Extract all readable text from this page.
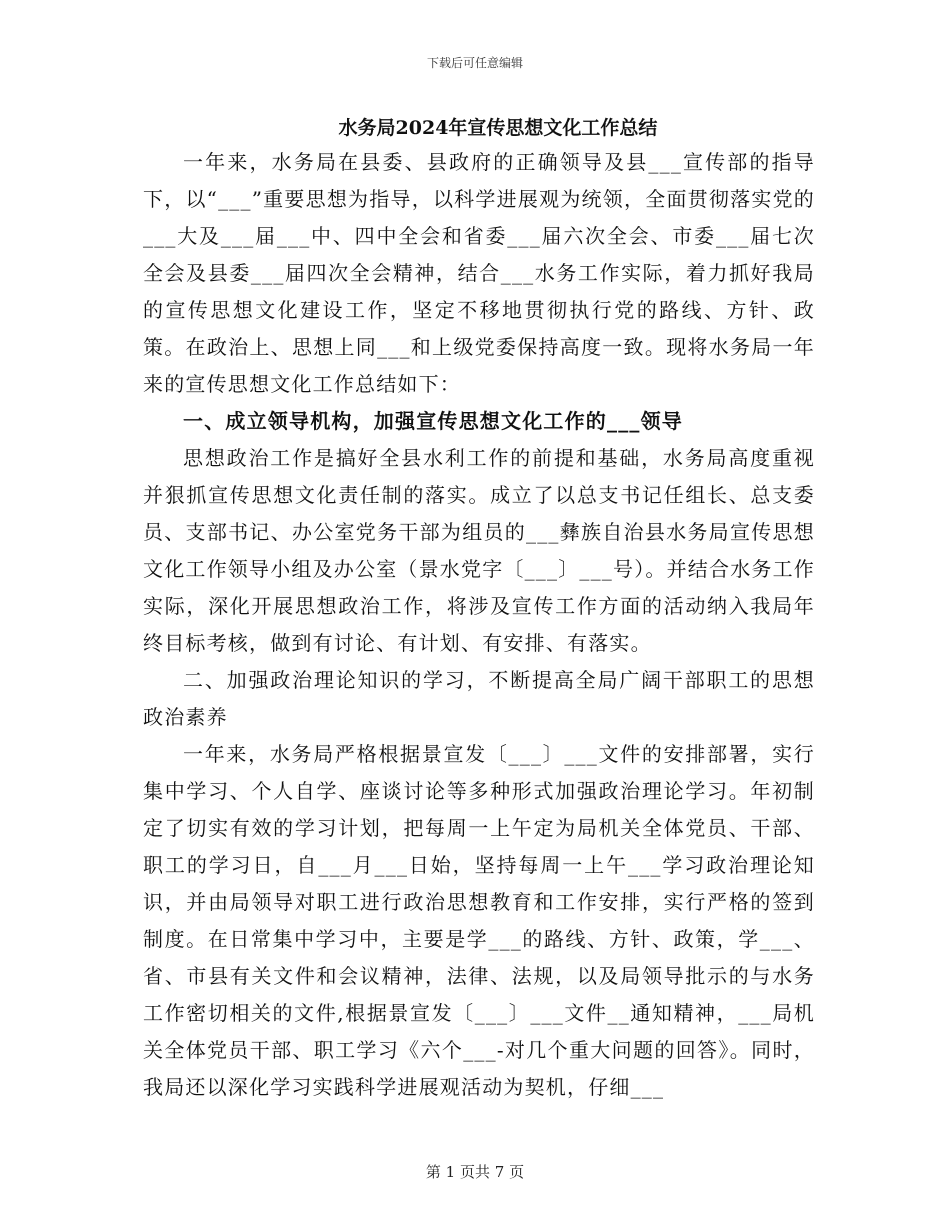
下载后可任意编辑
水务局2024年宣传思想文化工作总结

一年来，水务局在县委、县政府的正确领导及县___宣传部的指导下，以“___”重要思想为指导，以科学进展观为统领，全面贯彻落实党的___大及___届___中、四中全会和省委___届六次全会、市委___届七次全会及县委___届四次全会精神，结合___水务工作实际，着力抓好我局的宣传思想文化建设工作，坚定不移地贯彻执行党的路线、方针、政策。在政治上、思想上同___和上级党委保持高度一致。现将水务局一年来的宣传思想文化工作总结如下：

一、成立领导机构，加强宣传思想文化工作的___领导

思想政治工作是搞好全县水利工作的前提和基础，水务局高度重视并狠抓宣传思想文化责任制的落实。成立了以总支书记任组长、总支委员、支部书记、办公室党务干部为组员的___彝族自治县水务局宣传思想文化工作领导小组及办公室（景水党字〔___〕___号）。并结合水务工作实际，深化开展思想政治工作，将涉及宣传工作方面的活动纳入我局年终目标考核，做到有讨论、有计划、有安排、有落实。

二、加强政治理论知识的学习，不断提高全局广阔干部职工的思想政治素养

一年来，水务局严格根据景宣发〔___〕___文件的安排部署，实行集中学习、个人自学、座谈讨论等多种形式加强政治理论学习。年初制定了切实有效的学习计划，把每周一上午定为局机关全体党员、干部、职工的学习日，自___月___日始，坚持每周一上午___学习政治理论知识，并由局领导对职工进行政治思想教育和工作安排，实行严格的签到制度。在日常集中学习中，主要是学___的路线、方针、政策，学___、省、市县有关文件和会议精神，法律、法规，以及局领导批示的与水务工作密切相关的文件,根据景宣发〔___〕___文件__通知精神，___局机关全体党员干部、职工学习《六个___-对几个重大问题的回答》。同时，我局还以深化学习实践科学进展观活动为契机，仔细___

第 1 页共 7 页
